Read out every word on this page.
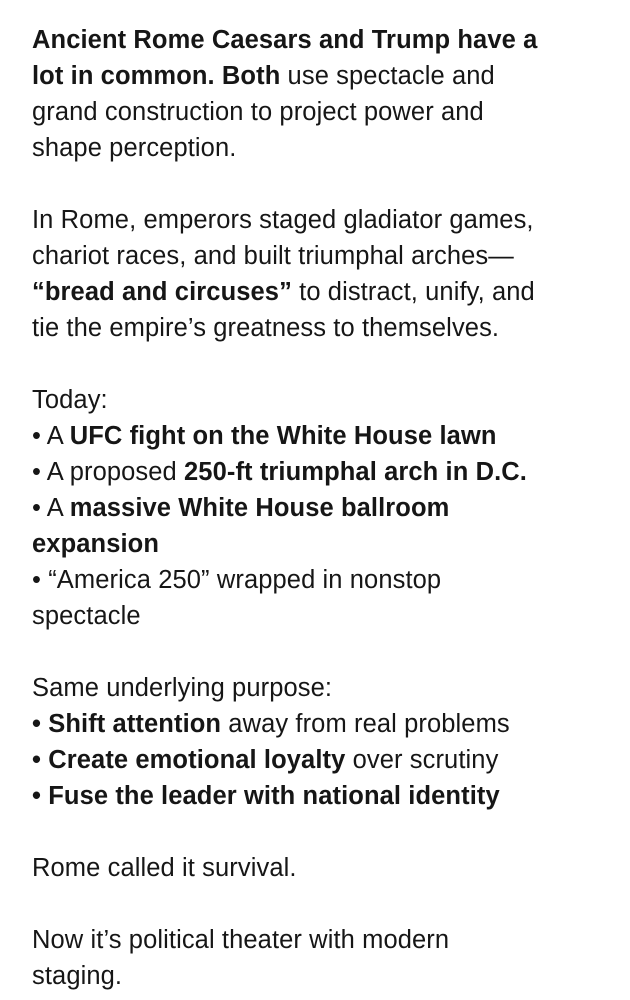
Ancient Rome Caesars and Trump have a
lot in common. Both use spectacle and
grand construction to project power and
shape perception.

In Rome, emperors staged gladiator games,
chariot races, and built triumphal arches—
“bread and circuses” to distract, unify, and
tie the empire’s greatness to themselves.

Today:
• A UFC fight on the White House lawn
• A proposed 250-ft triumphal arch in D.C.
• A massive White House ballroom
expansion
• “America 250” wrapped in nonstop
spectacle

Same underlying purpose:
• Shift attention away from real problems
• Create emotional loyalty over scrutiny
• Fuse the leader with national identity

Rome called it survival.

Now it’s political theater with modern
staging.
